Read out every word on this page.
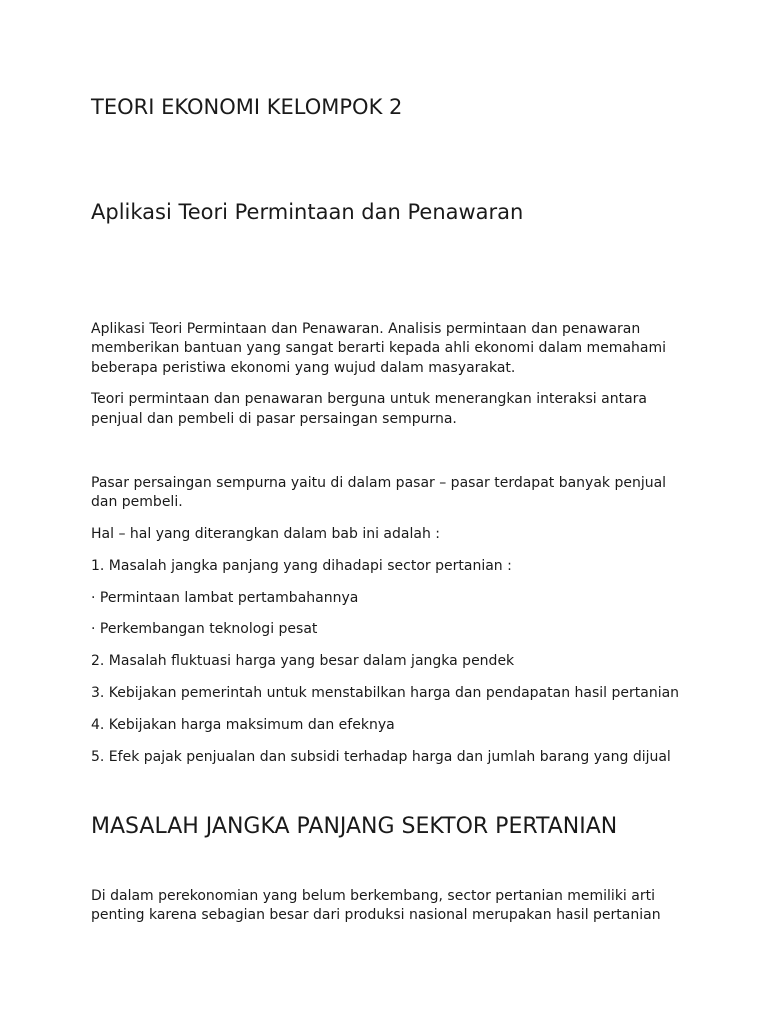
TEORI EKONOMI KELOMPOK 2
Aplikasi Teori Permintaan dan Penawaran

Aplikasi Teori Permintaan dan Penawaran. Analisis permintaan dan penawaran

memberikan bantuan yang sangat berarti kepada ahli ekonomi dalam memahami

beberapa peristiwa ekonomi yang wujud dalam masyarakat.

Teori permintaan dan penawaran berguna untuk menerangkan interaksi antara

penjual dan pembeli di pasar persaingan sempurna.

Pasar persaingan sempurna yaitu di dalam pasar – pasar terdapat banyak penjual

dan pembeli.

Hal – hal yang diterangkan dalam bab ini adalah :

1. Masalah jangka panjang yang dihadapi sector pertanian :

· Permintaan lambat pertambahannya

· Perkembangan teknologi pesat

2. Masalah fluktuasi harga yang besar dalam jangka pendek

3. Kebijakan pemerintah untuk menstabilkan harga dan pendapatan hasil pertanian

4. Kebijakan harga maksimum dan efeknya

5. Efek pajak penjualan dan subsidi terhadap harga dan jumlah barang yang dijual

MASALAH JANGKA PANJANG SEKTOR PERTANIAN

Di dalam perekonomian yang belum berkembang, sector pertanian memiliki arti

penting karena sebagian besar dari produksi nasional merupakan hasil pertanian
